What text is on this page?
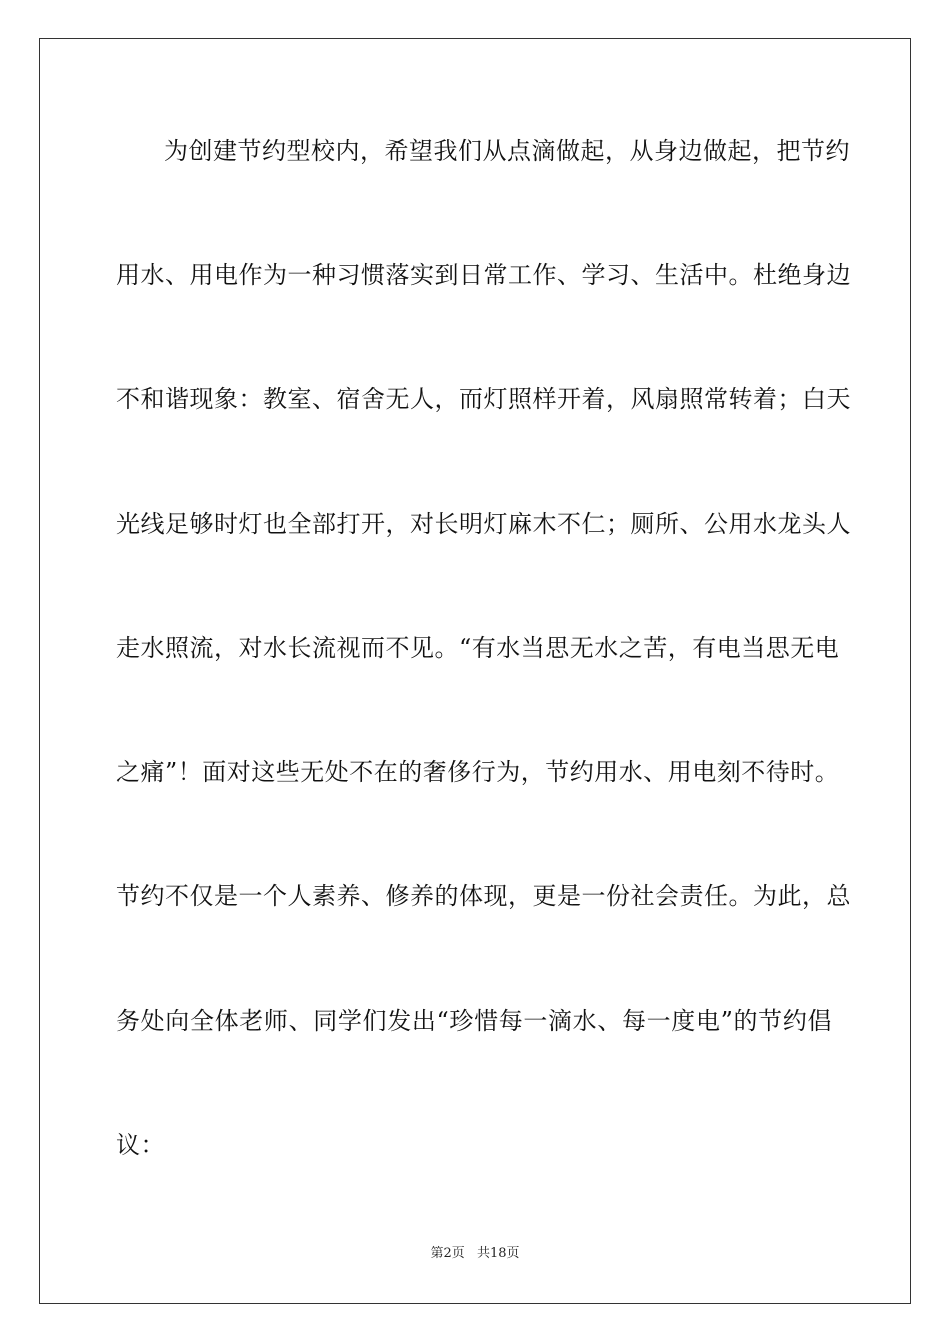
为创建节约型校内，希望我们从点滴做起，从身边做起，把节约
用水、用电作为一种习惯落实到日常工作、学习、生活中。杜绝身边
不和谐现象：教室、宿舍无人，而灯照样开着，风扇照常转着；白天
光线足够时灯也全部打开，对长明灯麻木不仁；厕所、公用水龙头人
走水照流，对水长流视而不见。“有水当思无水之苦，有电当思无电
之痛”！面对这些无处不在的奢侈行为，节约用水、用电刻不待时。
节约不仅是一个人素养、修养的体现，更是一份社会责任。为此，总
务处向全体老师、同学们发出“珍惜每一滴水、每一度电”的节约倡
议：
第2页 共18页
